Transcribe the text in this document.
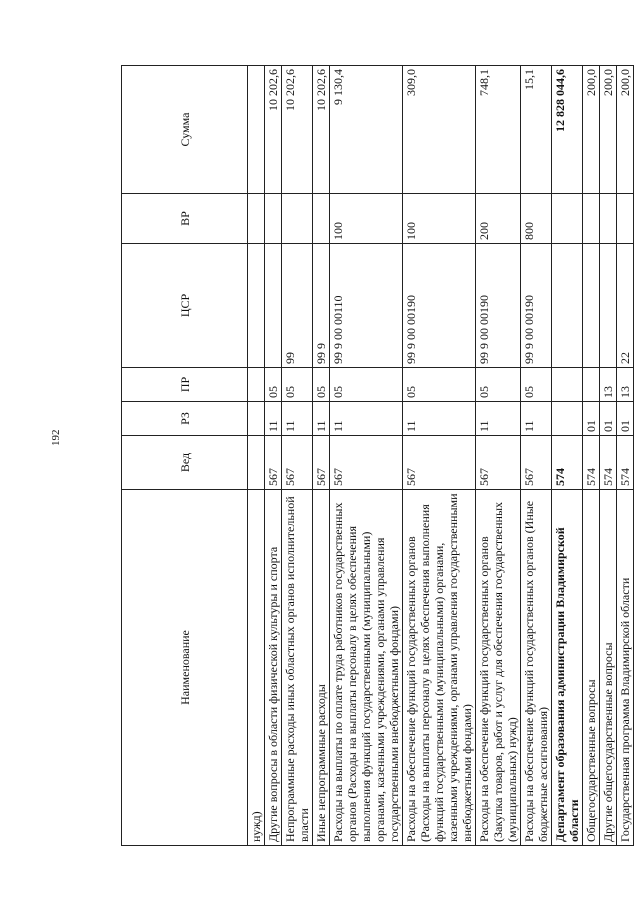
192
Наименование	Вед	РЗ	ПР	ЦСР	ВР	Сумма
нужд)						
Другие вопросы в области физической культуры и спорта	567	11	05			10 202,6
Непрограммные расходы иных областных органов исполнительной власти	567	11	05	99		10 202,6
Иные непрограммные расходы	567	11	05	99 9		10 202,6
Расходы на выплаты по оплате труда работников государственных органов (Расходы на выплаты персоналу в целях обеспечения выполнения функций государственными (муниципальными) органами, казенными учреждениями, органами управления государственными внебюджетными фондами)	567	11	05	99 9 00 00110	100	9 130,4
Расходы на обеспечение функций государственных органов (Расходы на выплаты персоналу в целях обеспечения выполнения функций государственными (муниципальными) органами, казенными учреждениями, органами управления государственными внебюджетными фондами)	567	11	05	99 9 00 00190	100	309,0
Расходы на обеспечение функций государственных органов (Закупка товаров, работ и услуг для обеспечения государственных (муниципальных) нужд)	567	11	05	99 9 00 00190	200	748,1
Расходы на обеспечение функций государственных органов (Иные бюджетные ассигнования)	567	11	05	99 9 00 00190	800	15,1
Департамент образования администрации Владимирской области	574					12 828 044,6
Общегосударственные вопросы	574	01				200,0
Другие общегосударственные вопросы	574	01	13			200,0
Государственная программа Владимирской области	574	01	13	22		200,0
